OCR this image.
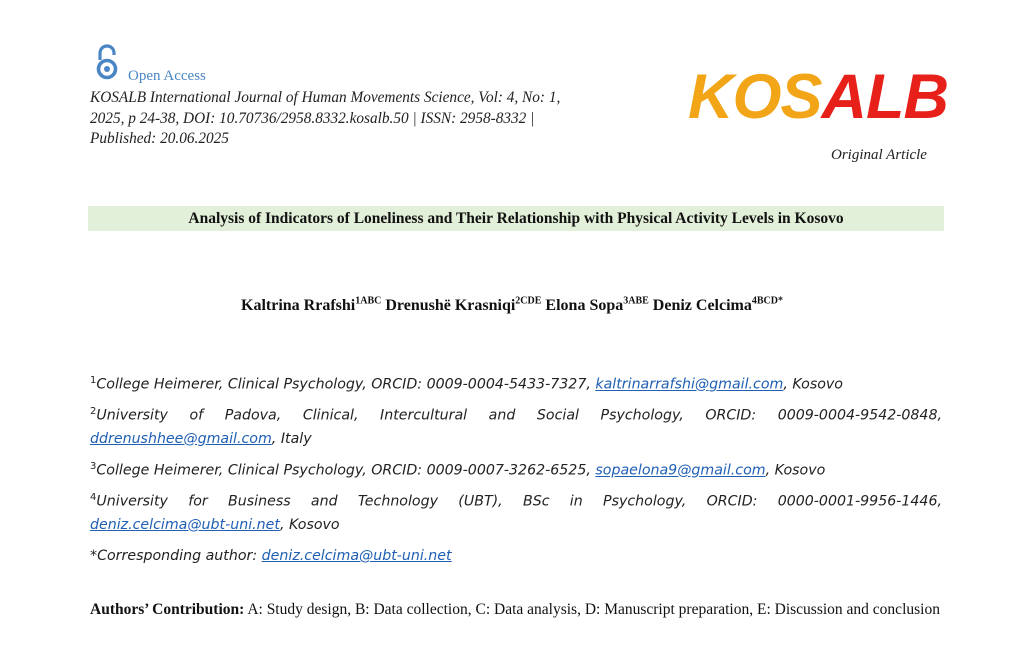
Open Access
KOSALB International Journal of Human Movements Science, Vol: 4, No: 1,
2025, p 24-38, DOI: 10.70736/2958.8332.kosalb.50 | ISSN: 2958-8332 |
Published: 20.06.2025
KOSALB
Original Article
Analysis of Indicators of Loneliness and Their Relationship with Physical Activity Levels in Kosovo
Kaltrina Rrafshi$^{1ABC}$ Drenushë Krasniqi$^{2CDE}$ Elona Sopa$^{3ABE}$ Deniz Celcima$^{4BCD*}$
$^1$College Heimerer, Clinical Psychology, ORCID: 0009-0004-5433-7327, kaltrinarrafshi@gmail.com, Kosovo
$^2$University of Padova, Clinical, Intercultural and Social Psychology, ORCID: 0009-0004-9542-0848,
ddrenushhee@gmail.com, Italy
$^3$College Heimerer, Clinical Psychology, ORCID: 0009-0007-3262-6525, sopaelona9@gmail.com, Kosovo
$^4$University for Business and Technology (UBT), BSc in Psychology, ORCID: 0000-0001-9956-1446,
deniz.celcima@ubt-uni.net, Kosovo
*Corresponding author: deniz.celcima@ubt-uni.net
Authors’ Contribution: A: Study design, B: Data collection, C: Data analysis, D: Manuscript preparation, E: Discussion and conclusion
